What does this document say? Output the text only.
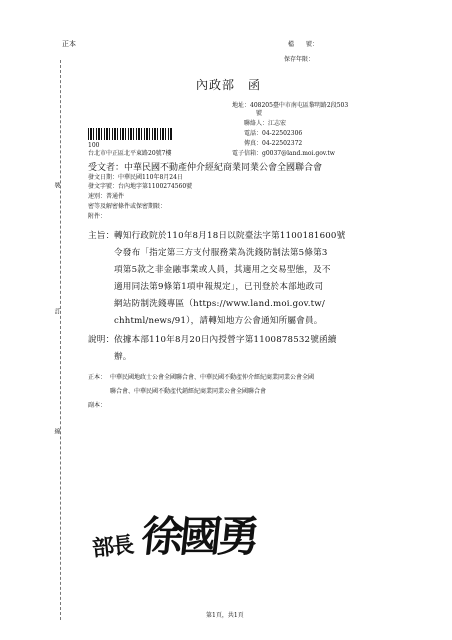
正本	檔　　號：
保存年限：
裝
訂
線
內政部　函
地址：408205臺中市南屯區黎明路2段503
號
聯絡人：江志宏
電話：04-22502306
傳真：04-22502372
電子信箱：g0037@land.moi.gov.tw
100
台北市中正區北平東路20號7樓
受文者：中華民國不動產仲介經紀商業同業公會全國聯合會
發文日期：中華民國110年8月24日
發文字號：台內地字第1100274560號
速別：普通件
密等及解密條件或保密期限：
附件：
主旨： 轉知行政院於110年8月18日以院臺法字第1100181600號
令發布「指定第三方支付服務業為洗錢防制法第5條第3
項第5款之非金融事業或人員，其適用之交易型態，及不
適用同法第9條第1項申報規定」，已刊登於本部地政司
網站防制洗錢專區（https://www.land.moi.gov.tw/
chhtml/news/91），請轉知地方公會通知所屬會員。
說明： 依據本部110年8月20日內授營字第1100878532號函續
辦。
正本： 中華民國地政士公會全國聯合會、中華民國不動產仲介經紀商業同業公會全國
聯合會、中華民國不動產代銷經紀商業同業公會全國聯合會
副本：
部長 徐國勇
第1頁，共1頁
